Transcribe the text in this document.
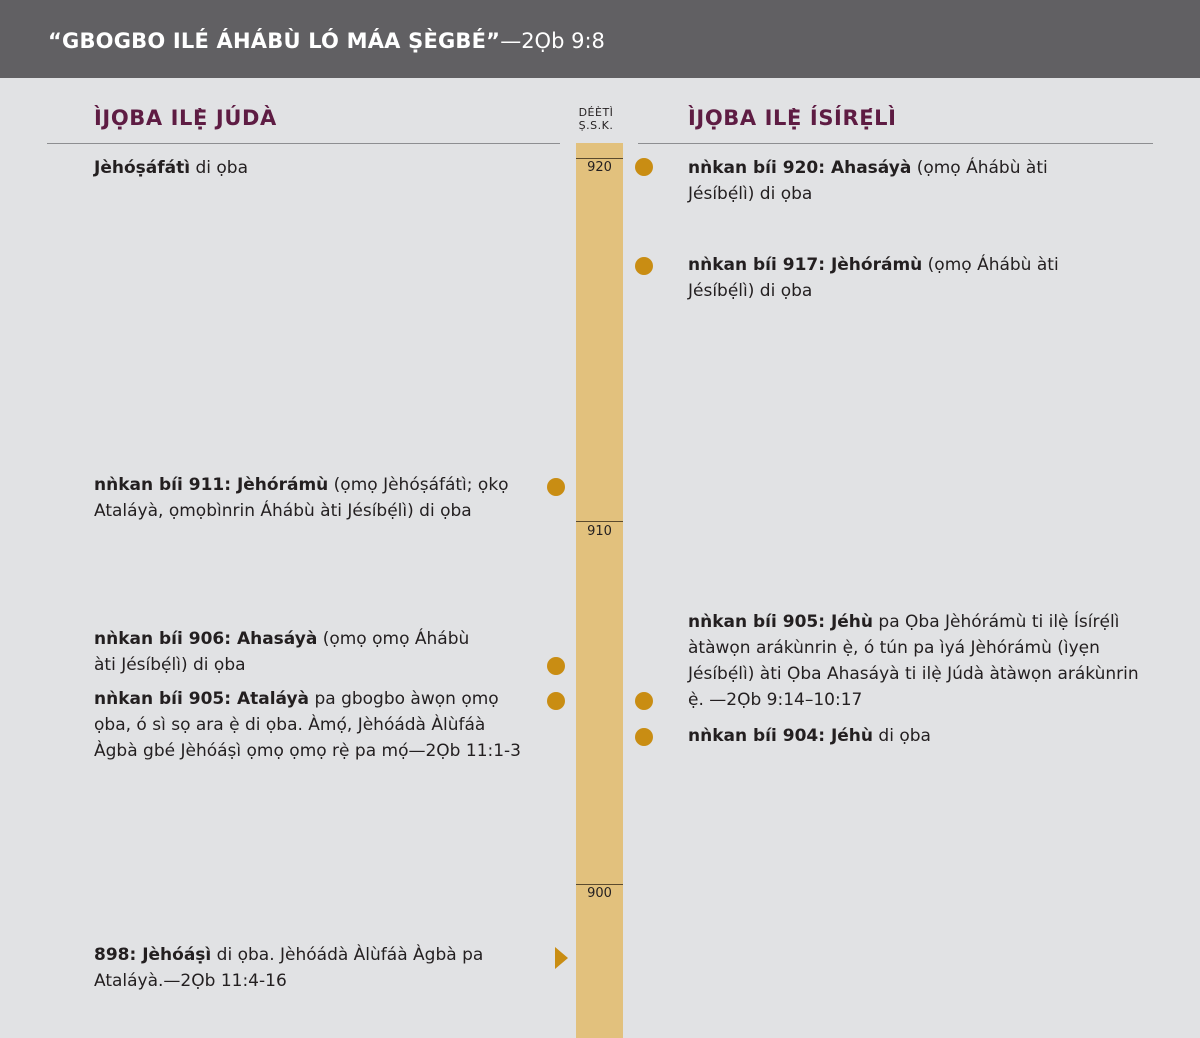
“GBOGBO ILÉ ÁHÁBÙ LÓ MÁA ṢÈGBÉ”—2Ọb 9:8
ÌJỌBA ILẸ̀ JÚDÀ	ÌJỌBA ILẸ̀ ÍSÍRẸ́LÌ
DÉÈTÌ
Ṣ.S.K.
920
910
900
Jèhóṣáfátì di ọba
nǹkan bíi 911: Jèhórámù (ọmọ Jèhóṣáfátì; ọkọ Ataláyà, ọmọbìnrin Áhábù àti Jésíbẹ́lì) di ọba
nǹkan bíi 906: Ahasáyà (ọmọ ọmọ Áhábù àti Jésíbẹ́lì) di ọba
nǹkan bíi 905: Ataláyà pa gbogbo àwọn ọmọ ọba, ó sì sọ ara ẹ̀ di ọba. Àmọ́, Jèhóádà Àlùfáà Àgbà gbé Jèhóáṣì ọmọ ọmọ rẹ̀ pa mọ́—2Ọb 11:1-3
898: Jèhóáṣì di ọba. Jèhóádà Àlùfáà Àgbà pa Ataláyà.—2Ọb 11:4-16
nǹkan bíi 920: Ahasáyà (ọmọ Áhábù àti Jésíbẹ́lì) di ọba
nǹkan bíi 917: Jèhórámù (ọmọ Áhábù àti Jésíbẹ́lì) di ọba
nǹkan bíi 905: Jéhù pa Ọba Jèhórámù ti ilẹ̀ Ísírẹ́lì àtàwọn arákùnrin ẹ̀, ó tún pa ìyá Jèhórámù (ìyẹn Jésíbẹ́lì) àti Ọba Ahasáyà ti ilẹ̀ Júdà àtàwọn arákùnrin ẹ̀. —2Ọb 9:14–10:17
nǹkan bíi 904: Jéhù di ọba
